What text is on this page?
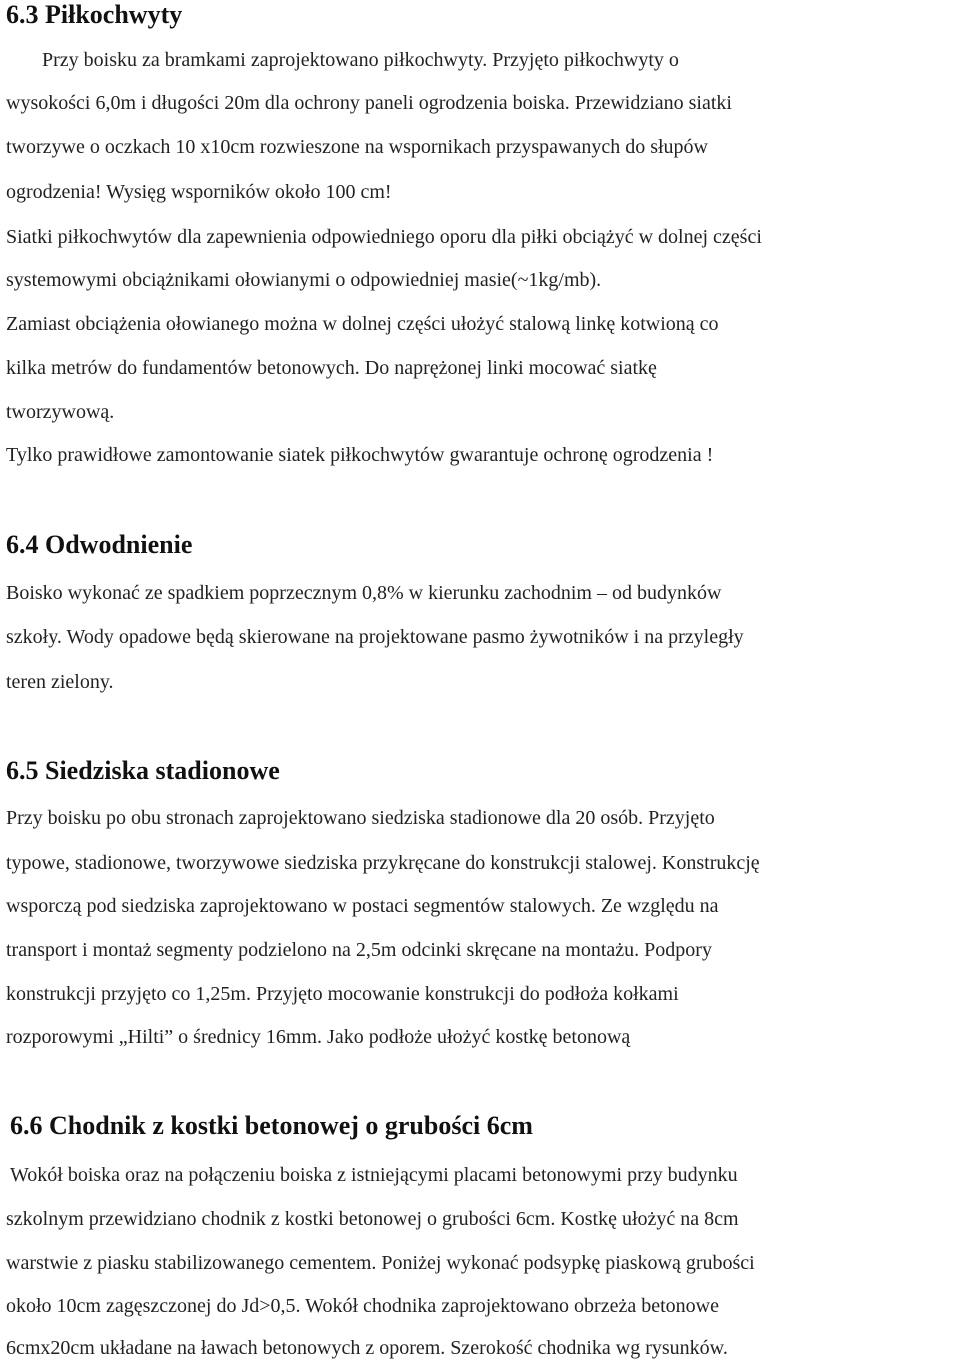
6.3 Piłkochwyty
Przy boisku za bramkami zaprojektowano piłkochwyty. Przyjęto piłkochwyty o
wysokości 6,0m i długości 20m dla ochrony paneli ogrodzenia boiska. Przewidziano siatki
tworzywe o oczkach 10 x10cm rozwieszone na wspornikach przyspawanych do słupów
ogrodzenia! Wysięg wsporników około 100 cm!
Siatki piłkochwytów dla zapewnienia odpowiedniego oporu dla piłki obciążyć w dolnej części
systemowymi obciążnikami ołowianymi o odpowiedniej masie(~1kg/mb).
Zamiast obciążenia ołowianego można w dolnej części ułożyć stalową linkę kotwioną co
kilka metrów do fundamentów betonowych. Do naprężonej linki mocować siatkę
tworzywową.
Tylko prawidłowe zamontowanie siatek piłkochwytów gwarantuje ochronę ogrodzenia !
6.4 Odwodnienie
Boisko wykonać ze spadkiem poprzecznym 0,8% w kierunku zachodnim – od budynków
szkoły. Wody opadowe będą skierowane na projektowane pasmo żywotników i na przyległy
teren zielony.
6.5 Siedziska stadionowe
Przy boisku po obu stronach zaprojektowano siedziska stadionowe dla 20 osób. Przyjęto
typowe, stadionowe, tworzywowe siedziska przykręcane do konstrukcji stalowej. Konstrukcję
wsporczą pod siedziska zaprojektowano w postaci segmentów stalowych. Ze względu na
transport i montaż segmenty podzielono na 2,5m odcinki skręcane na montażu. Podpory
konstrukcji przyjęto co 1,25m. Przyjęto mocowanie konstrukcji do podłoża kołkami
rozporowymi „Hilti” o średnicy 16mm. Jako podłoże ułożyć kostkę betonową
6.6 Chodnik z kostki betonowej o grubości 6cm
Wokół boiska oraz na połączeniu boiska z istniejącymi placami betonowymi przy budynku
szkolnym przewidziano chodnik z kostki betonowej o grubości 6cm. Kostkę ułożyć na 8cm
warstwie z piasku stabilizowanego cementem. Poniżej wykonać podsypkę piaskową grubości
około 10cm zagęszczonej do Jd>0,5. Wokół chodnika zaprojektowano obrzeża betonowe
6cmx20cm układane na ławach betonowych z oporem. Szerokość chodnika wg rysunków.
